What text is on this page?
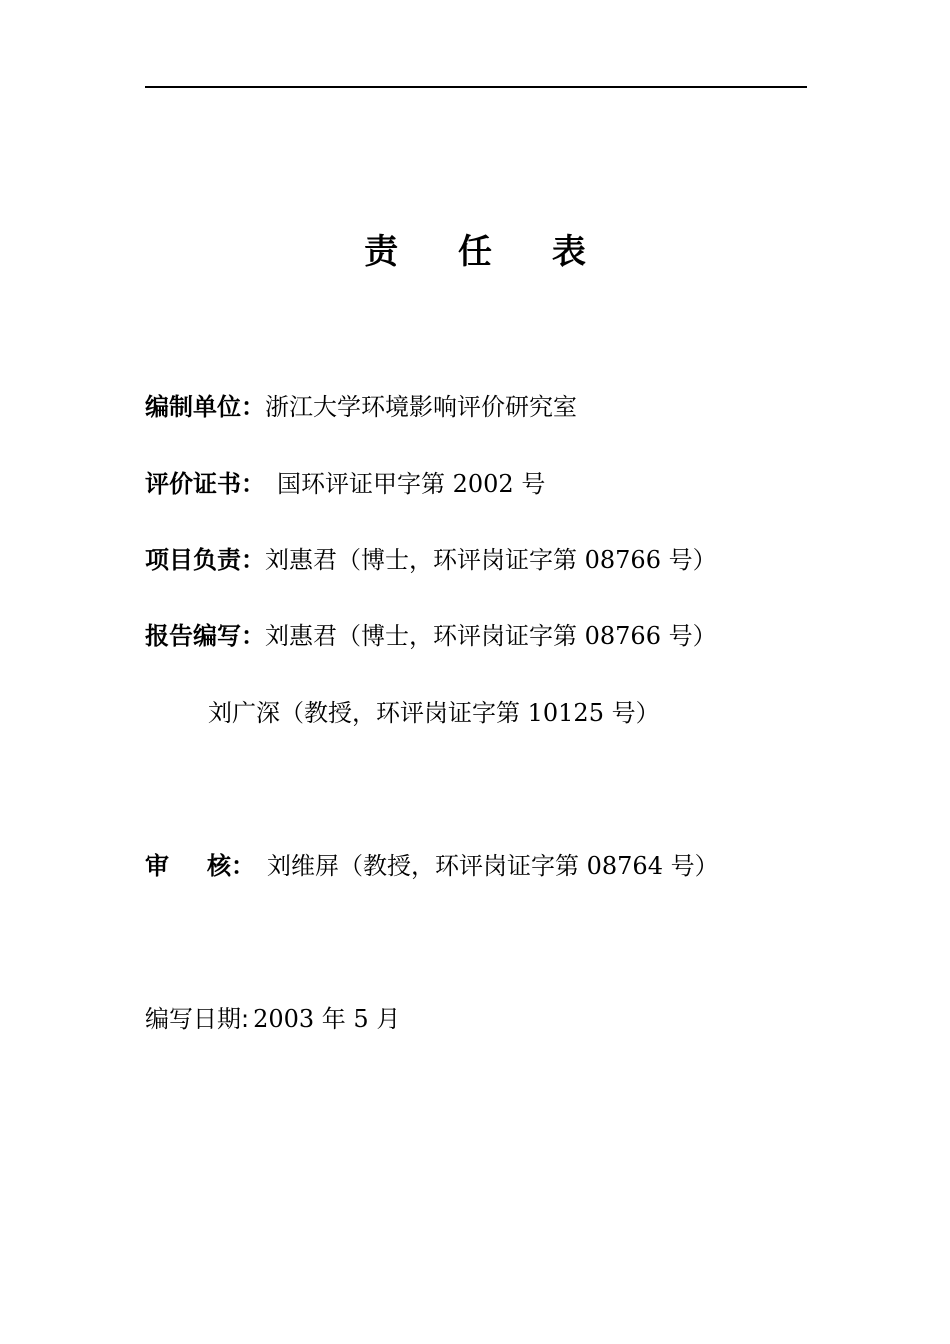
责 任 表
编制单位：浙江大学环境影响评价研究室
评价证书： 国环评证甲字第 2002 号
项目负责：刘惠君（博士，环评岗证字第 08766 号）
报告编写：刘惠君（博士，环评岗证字第 08766 号）
刘广深（教授，环评岗证字第 10125 号）
审 核： 刘维屏（教授，环评岗证字第 08764 号）
编写日期: 2003 年 5 月
